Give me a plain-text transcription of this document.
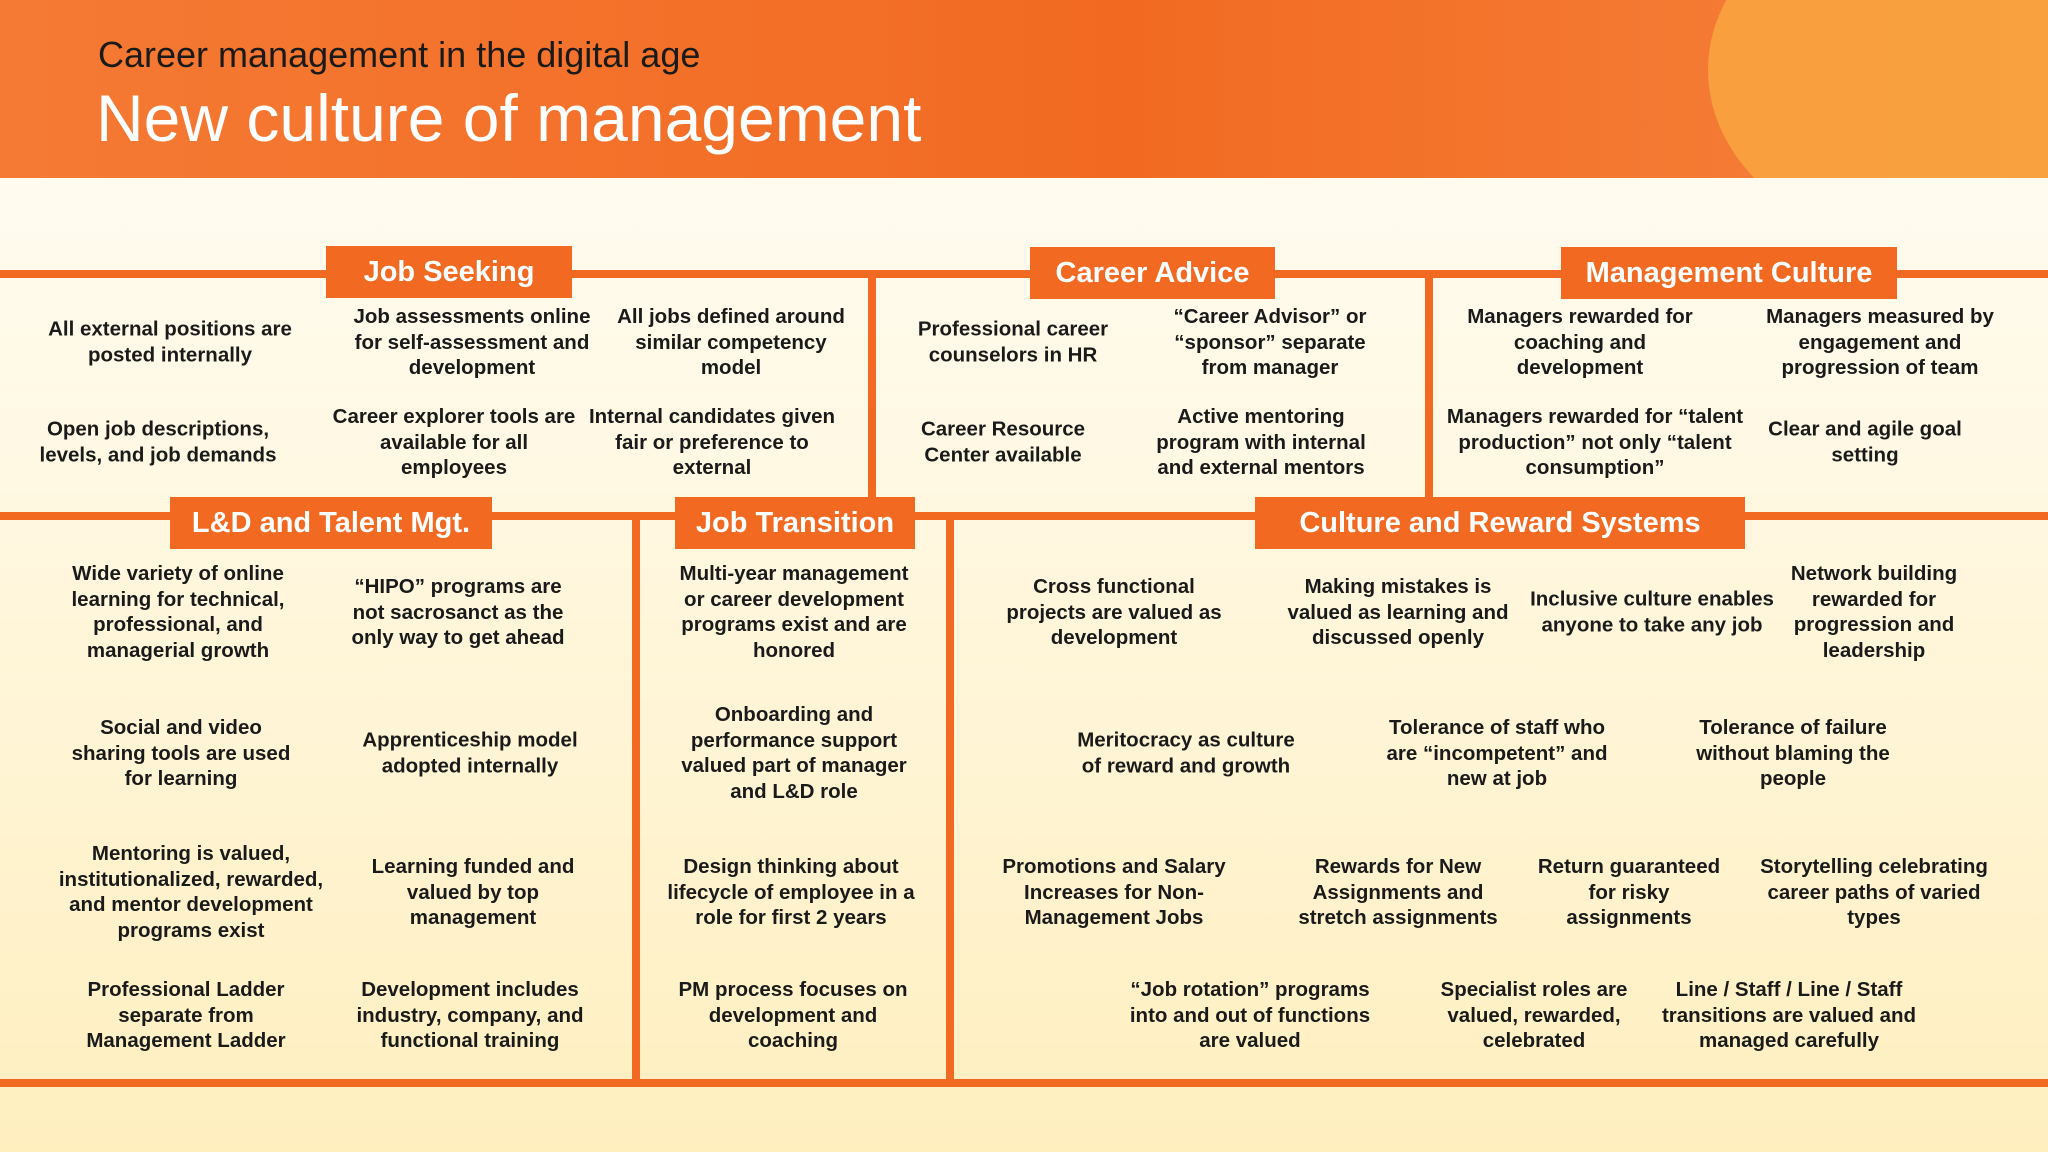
Career management in the digital age
New culture of management
Job Seeking	Career Advice	Management Culture
L&D and Talent Mgt.	Job Transition	Culture and Reward Systems
All external positions are posted internally
Job assessments online for self-assessment and development
All jobs defined around similar competency model
Open job descriptions, levels, and job demands
Career explorer tools are available for all employees
Internal candidates given fair or preference to external
Professional career counselors in HR
“Career Advisor” or “sponsor” separate from manager
Career Resource Center available
Active mentoring program with internal and external mentors
Managers rewarded for coaching and development
Managers measured by engagement and progression of team
Managers rewarded for “talent production” not only “talent consumption”
Clear and agile goal setting
Wide variety of online learning for technical, professional, and managerial growth
“HIPO” programs are not sacrosanct as the only way to get ahead
Social and video sharing tools are used for learning
Apprenticeship model adopted internally
Mentoring is valued, institutionalized, rewarded, and mentor development programs exist
Learning funded and valued by top management
Professional Ladder separate from Management Ladder
Development includes industry, company, and functional training
Multi-year management or career development programs exist and are honored
Onboarding and performance support valued part of manager and L&D role
Design thinking about lifecycle of employee in a role for first 2 years
PM process focuses on development and coaching
Cross functional projects are valued as development
Making mistakes is valued as learning and discussed openly
Inclusive culture enables anyone to take any job
Network building rewarded for progression and leadership
Meritocracy as culture of reward and growth
Tolerance of staff who are “incompetent” and new at job
Tolerance of failure without blaming the people
Promotions and Salary Increases for Non-Management Jobs
Rewards for New Assignments and stretch assignments
Return guaranteed for risky assignments
Storytelling celebrating career paths of varied types
“Job rotation” programs into and out of functions are valued
Specialist roles are valued, rewarded, celebrated
Line / Staff / Line / Staff transitions are valued and managed carefully
